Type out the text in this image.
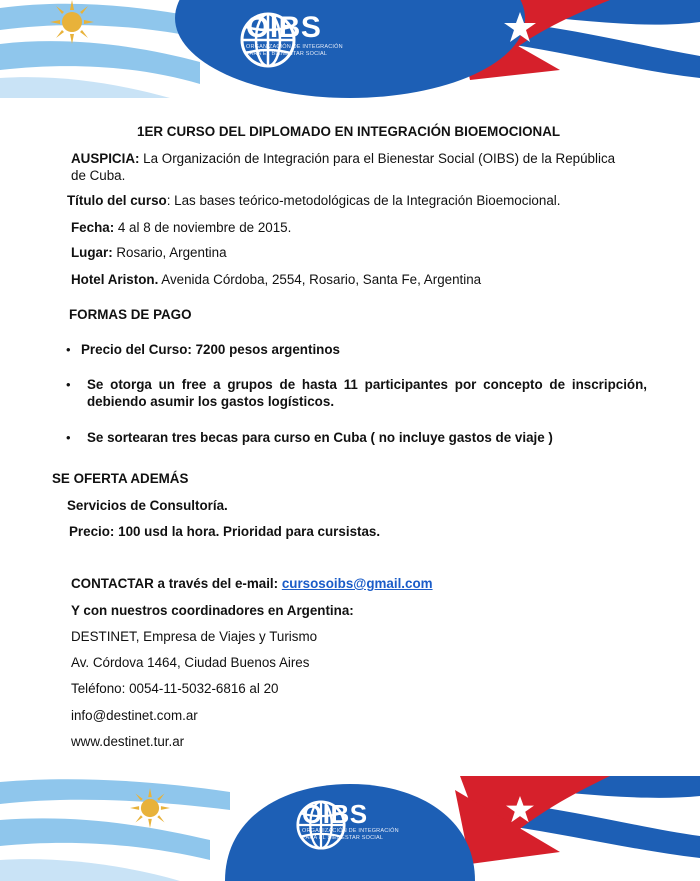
OIBS
ORGANIZACIÓN DE INTEGRACIÓN
PARA EL BIENESTAR SOCIAL
1ER CURSO DEL DIPLOMADO EN INTEGRACIÓN BIOEMOCIONAL
AUSPICIA: La Organización de Integración para el Bienestar Social (OIBS) de la República
de Cuba.
Título del curso: Las bases teórico-metodológicas de la Integración Bioemocional.
Fecha: 4 al 8 de noviembre de 2015.
Lugar: Rosario, Argentina
Hotel Ariston. Avenida Córdoba, 2554, Rosario, Santa Fe, Argentina
FORMAS DE PAGO
• Precio del Curso: 7200 pesos argentinos
• Se otorga un free a grupos de hasta 11 participantes por concepto de inscripción, debiendo asumir los gastos logísticos.
• Se sortearan tres becas para curso en Cuba ( no incluye gastos de viaje )
SE OFERTA ADEMÁS
Servicios de Consultoría.
Precio: 100 usd la hora. Prioridad para cursistas.
CONTACTAR a través del e-mail: cursosoibs@gmail.com
Y con nuestros coordinadores en Argentina:
DESTINET, Empresa de Viajes y Turismo
Av. Córdova 1464, Ciudad Buenos Aires
Teléfono: 0054-11-5032-6816 al 20
info@destinet.com.ar
www.destinet.tur.ar
OIBS
ORGANIZACIÓN DE INTEGRACIÓN
PARA EL BIENESTAR SOCIAL
